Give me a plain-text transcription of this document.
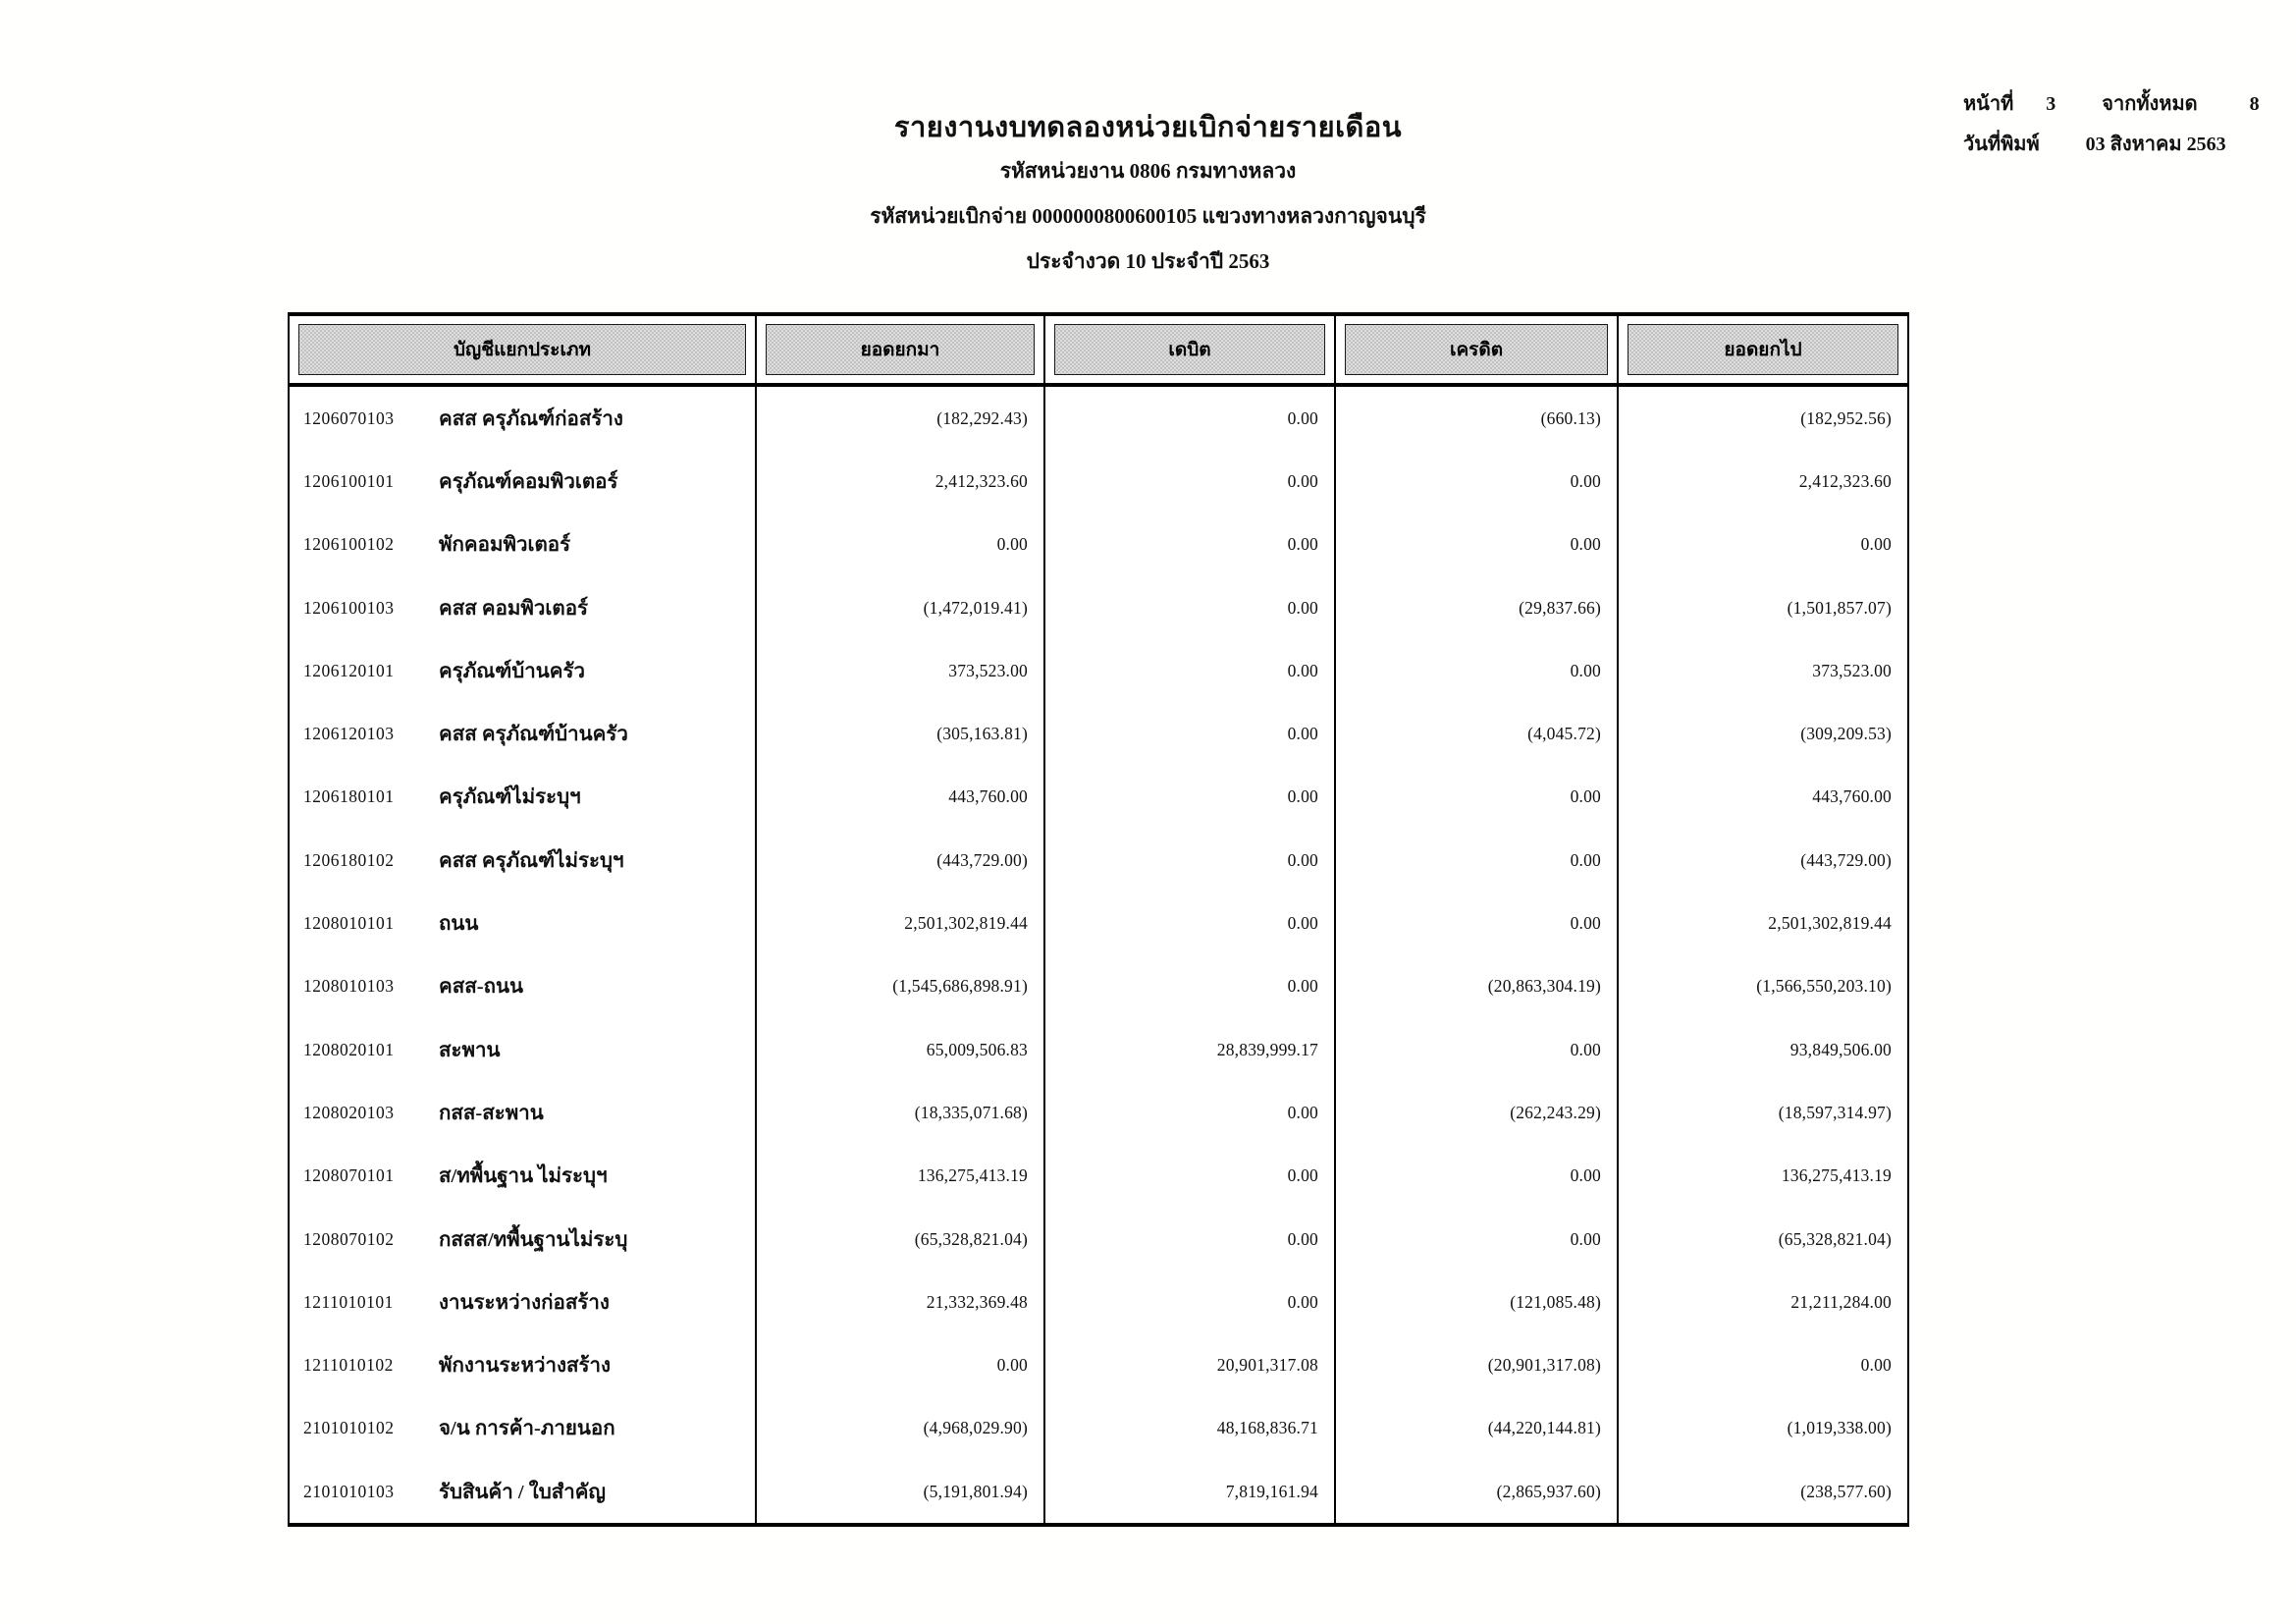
รายงานงบทดลองหน่วยเบิกจ่ายรายเดือน
รหัสหน่วยงาน 0806 กรมทางหลวง
รหัสหน่วยเบิกจ่าย 0000000800600105 แขวงทางหลวงกาญจนบุรี
ประจำงวด 10 ประจำปี 2563
หน้าที่ 3 จากทั้งหมด	8
วันที่พิมพ์ 03 สิงหาคม 2563
บัญชีแยกประเภท	ยอดยกมา	เดบิต	เครดิต	ยอดยกไป
1206070103	คสส ครุภัณฑ์ก่อสร้าง	(182,292.43)	0.00	(660.13)	(182,952.56)
1206100101	ครุภัณฑ์คอมพิวเตอร์	2,412,323.60	0.00	0.00	2,412,323.60
1206100102	พักคอมพิวเตอร์	0.00	0.00	0.00	0.00
1206100103	คสส คอมพิวเตอร์	(1,472,019.41)	0.00	(29,837.66)	(1,501,857.07)
1206120101	ครุภัณฑ์บ้านครัว	373,523.00	0.00	0.00	373,523.00
1206120103	คสส ครุภัณฑ์บ้านครัว	(305,163.81)	0.00	(4,045.72)	(309,209.53)
1206180101	ครุภัณฑ์ไม่ระบุฯ	443,760.00	0.00	0.00	443,760.00
1206180102	คสส ครุภัณฑ์ไม่ระบุฯ	(443,729.00)	0.00	0.00	(443,729.00)
1208010101	ถนน	2,501,302,819.44	0.00	0.00	2,501,302,819.44
1208010103	คสส-ถนน	(1,545,686,898.91)	0.00	(20,863,304.19)	(1,566,550,203.10)
1208020101	สะพาน	65,009,506.83	28,839,999.17	0.00	93,849,506.00
1208020103	กสส-สะพาน	(18,335,071.68)	0.00	(262,243.29)	(18,597,314.97)
1208070101	ส/ทพื้นฐาน ไม่ระบุฯ	136,275,413.19	0.00	0.00	136,275,413.19
1208070102	กสสส/ทพื้นฐานไม่ระบุ	(65,328,821.04)	0.00	0.00	(65,328,821.04)
1211010101	งานระหว่างก่อสร้าง	21,332,369.48	0.00	(121,085.48)	21,211,284.00
1211010102	พักงานระหว่างสร้าง	0.00	20,901,317.08	(20,901,317.08)	0.00
2101010102	จ/น การค้า-ภายนอก	(4,968,029.90)	48,168,836.71	(44,220,144.81)	(1,019,338.00)
2101010103	รับสินค้า / ใบสำคัญ	(5,191,801.94)	7,819,161.94	(2,865,937.60)	(238,577.60)
